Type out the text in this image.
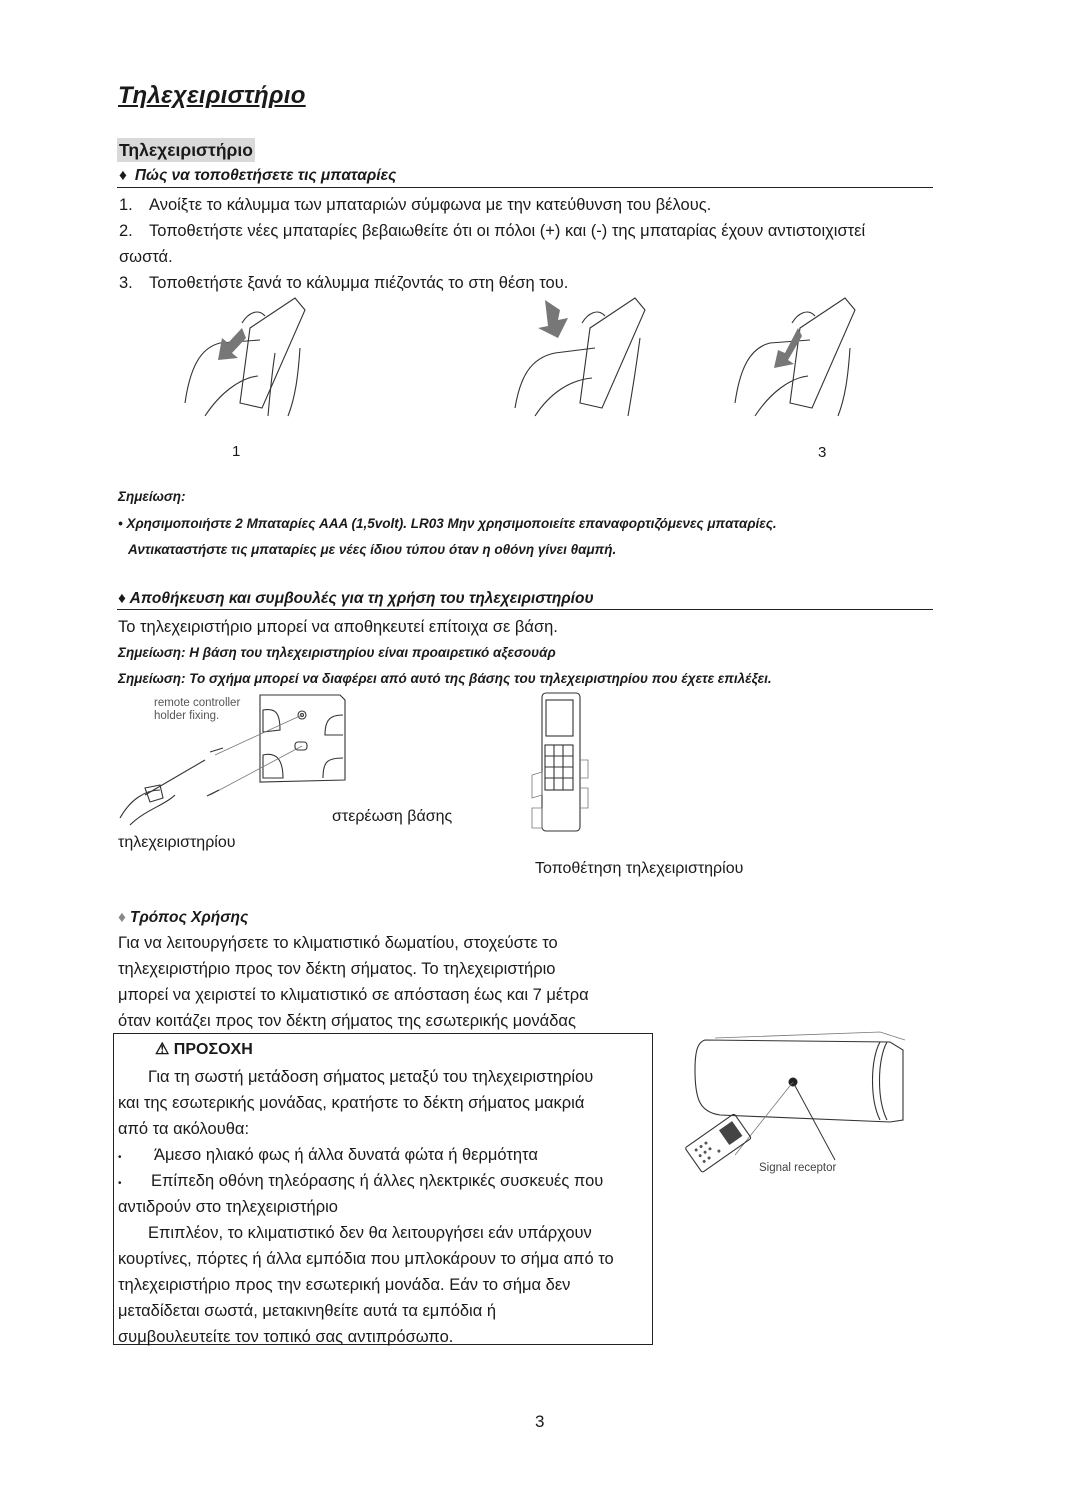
Τηλεχειριστήριο
Τηλεχειριστήριο
♦ Πώς να τοποθετήσετε τις μπαταρίες
1. Ανοίξτε το κάλυμμα των μπαταριών σύμφωνα με την κατεύθυνση του βέλους.
2. Τοποθετήστε νέες μπαταρίες βεβαιωθείτε ότι οι πόλοι (+) και (-) της μπαταρίας έχουν αντιστοιχιστεί
σωστά.
3. Τοποθετήστε ξανά το κάλυμμα πιέζοντάς το στη θέση του.
1	3
Σημείωση:
• Χρησιμοποιήστε 2 Μπαταρίες AAA (1,5volt). LR03 Μην χρησιμοποιείτε επαναφορτιζόμενες μπαταρίες.
Αντικαταστήστε τις μπαταρίες με νέες ίδιου τύπου όταν η οθόνη γίνει θαμπή.
♦ Αποθήκευση και συμβουλές για τη χρήση του τηλεχειριστηρίου
Το τηλεχειριστήριο μπορεί να αποθηκευτεί επίτοιχα σε βάση.
Σημείωση: Η βάση του τηλεχειριστηρίου είναι προαιρετικό αξεσουάρ
Σημείωση: Το σχήμα μπορεί να διαφέρει από αυτό της βάσης του τηλεχειριστηρίου που έχετε επιλέξει.
remote controller
holder fixing.
στερέωση βάσης
τηλεχειριστηρίου
Τοποθέτηση τηλεχειριστηρίου
♦ Τρόπος Χρήσης
Για να λειτουργήσετε το κλιματιστικό δωματίου, στοχεύστε το
τηλεχειριστήριο προς τον δέκτη σήματος. Το τηλεχειριστήριο
μπορεί να χειριστεί το κλιματιστικό σε απόσταση έως και 7 μέτρα
όταν κοιτάζει προς τον δέκτη σήματος της εσωτερικής μονάδας
⚠ ΠΡΟΣΟΧΗ
Για τη σωστή μετάδοση σήματος μεταξύ του τηλεχειριστηρίου
και της εσωτερικής μονάδας, κρατήστε το δέκτη σήματος μακριά
από τα ακόλουθα:
• Άμεσο ηλιακό φως ή άλλα δυνατά φώτα ή θερμότητα
• Επίπεδη οθόνη τηλεόρασης ή άλλες ηλεκτρικές συσκευές που
αντιδρούν στο τηλεχειριστήριο
Επιπλέον, το κλιματιστικό δεν θα λειτουργήσει εάν υπάρχουν
κουρτίνες, πόρτες ή άλλα εμπόδια που μπλοκάρουν το σήμα από το
τηλεχειριστήριο προς την εσωτερική μονάδα. Εάν το σήμα δεν
μεταδίδεται σωστά, μετακινηθείτε αυτά τα εμπόδια ή
συμβουλευτείτε τον τοπικό σας αντιπρόσωπο.
Signal receptor
3
